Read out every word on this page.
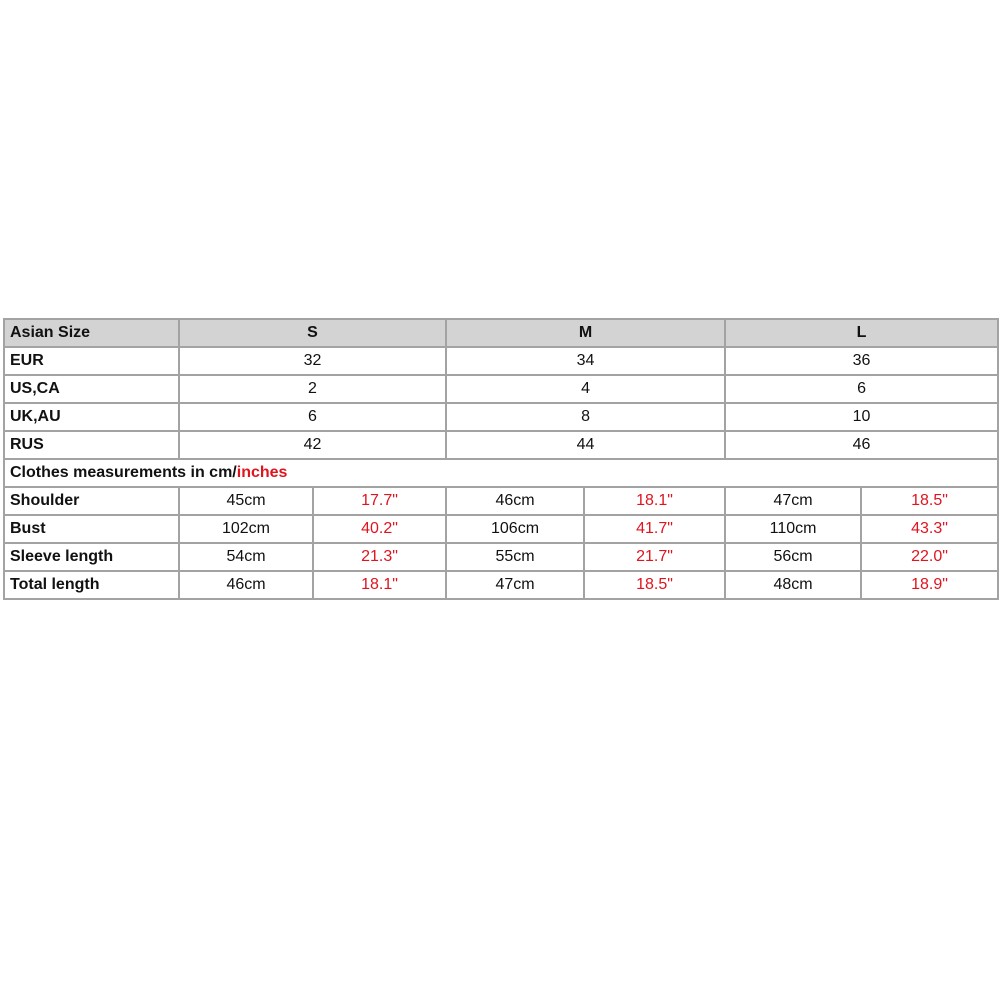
Asian Size	S		M		L	
EUR	32		34		36	
US,CA	2		4		6	
UK,AU	6		8		10	
RUS	42		44		46	
Clothes measurements in cm/inches						
Shoulder	45cm	17.7"	46cm	18.1"	47cm	18.5"
Bust	102cm	40.2"	106cm	41.7"	110cm	43.3"
Sleeve length	54cm	21.3"	55cm	21.7"	56cm	22.0"
Total length	46cm	18.1"	47cm	18.5"	48cm	18.9"
